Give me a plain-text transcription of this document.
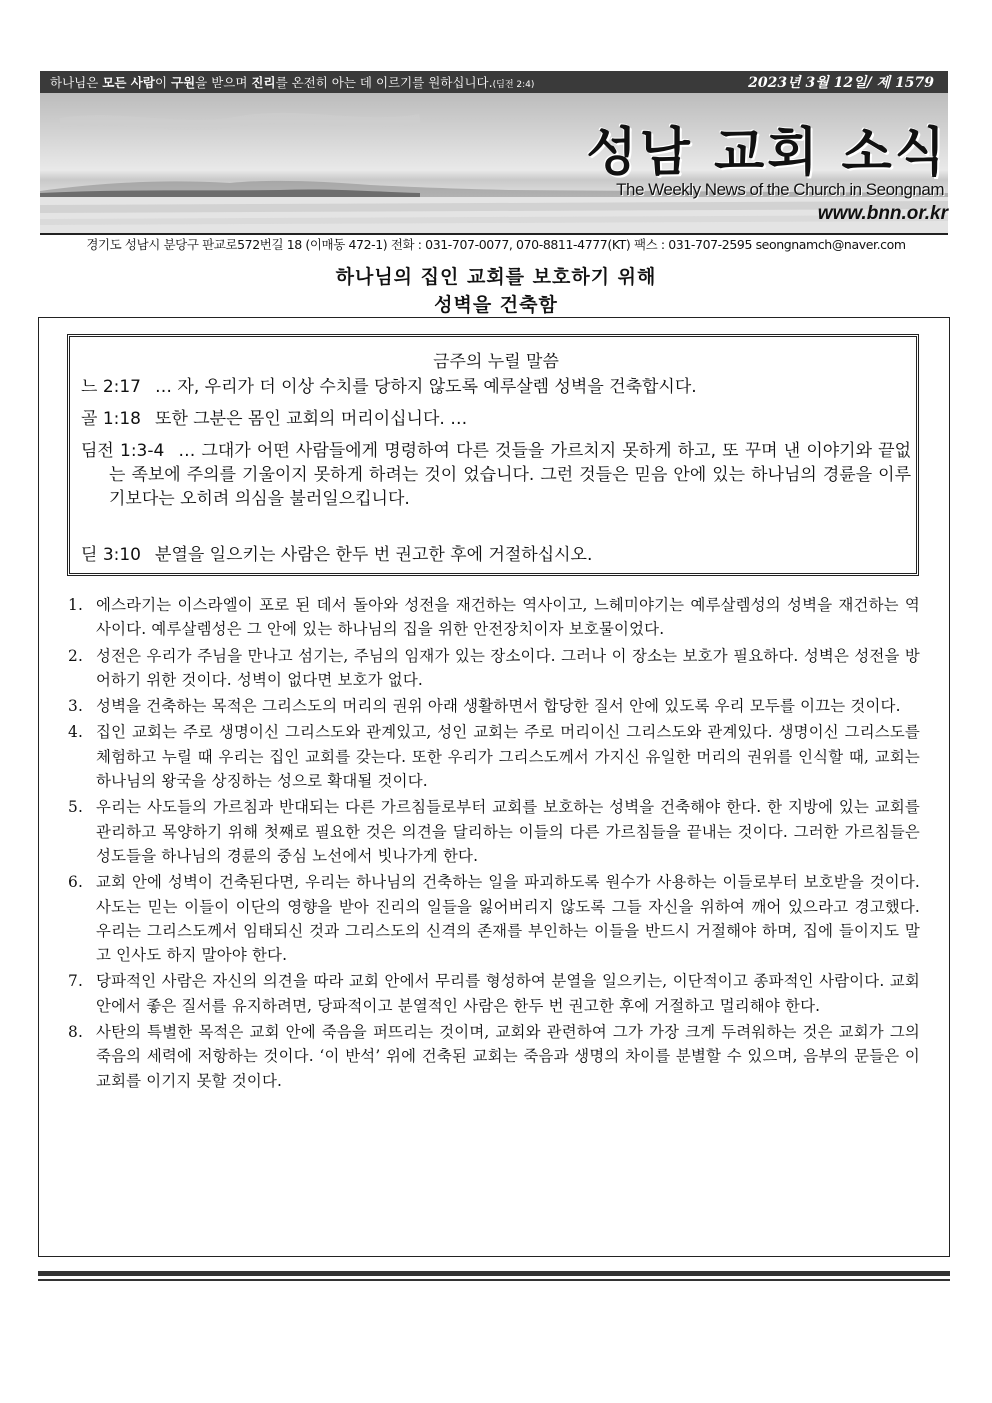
하나님은 모든 사람이 구원을 받으며 진리를 온전히 아는 데 이르기를 원하십니다.(딤전 2:4)	2023년 3월 12일/ 제 1579
성남 교회 소식
The Weekly News of the Church in Seongnam
www.bnn.or.kr
경기도 성남시 분당구 판교로572번길 18 (이매동 472-1) 전화 : 031-707-0077, 070-8811-4777(KT) 팩스 : 031-707-2595 seongnamch@naver.com
하나님의 집인 교회를 보호하기 위해
성벽을 건축함
금주의 누릴 말씀
느 2:17 … 자, 우리가 더 이상 수치를 당하지 않도록 예루살렘 성벽을 건축합시다.
골 1:18 또한 그분은 몸인 교회의 머리이십니다. …
딤전 1:3-4 … 그대가 어떤 사람들에게 명령하여 다른 것들을 가르치지 못하게 하고, 또 꾸며 낸 이야기와 끝없는 족보에 주의를 기울이지 못하게 하려는 것이 었습니다. 그런 것들은 믿음 안에 있는 하나님의 경륜을 이루기보다는 오히려 의심을 불러일으킵니다.
딛 3:10 분열을 일으키는 사람은 한두 번 권고한 후에 거절하십시오.
1. 에스라기는 이스라엘이 포로 된 데서 돌아와 성전을 재건하는 역사이고, 느헤미야기는 예루살렘성의 성벽을 재건하는 역사이다. 예루살렘성은 그 안에 있는 하나님의 집을 위한 안전장치이자 보호물이었다.
2. 성전은 우리가 주님을 만나고 섬기는, 주님의 임재가 있는 장소이다. 그러나 이 장소는 보호가 필요하다. 성벽은 성전을 방어하기 위한 것이다. 성벽이 없다면 보호가 없다.
3. 성벽을 건축하는 목적은 그리스도의 머리의 권위 아래 생활하면서 합당한 질서 안에 있도록 우리 모두를 이끄는 것이다.
4. 집인 교회는 주로 생명이신 그리스도와 관계있고, 성인 교회는 주로 머리이신 그리스도와 관계있다. 생명이신 그리스도를 체험하고 누릴 때 우리는 집인 교회를 갖는다. 또한 우리가 그리스도께서 가지신 유일한 머리의 권위를 인식할 때, 교회는 하나님의 왕국을 상징하는 성으로 확대될 것이다.
5. 우리는 사도들의 가르침과 반대되는 다른 가르침들로부터 교회를 보호하는 성벽을 건축해야 한다. 한 지방에 있는 교회를 관리하고 목양하기 위해 첫째로 필요한 것은 의견을 달리하는 이들의 다른 가르침들을 끝내는 것이다. 그러한 가르침들은 성도들을 하나님의 경륜의 중심 노선에서 빗나가게 한다.
6. 교회 안에 성벽이 건축된다면, 우리는 하나님의 건축하는 일을 파괴하도록 원수가 사용하는 이들로부터 보호받을 것이다. 사도는 믿는 이들이 이단의 영향을 받아 진리의 일들을 잃어버리지 않도록 그들 자신을 위하여 깨어 있으라고 경고했다. 우리는 그리스도께서 임태되신 것과 그리스도의 신격의 존재를 부인하는 이들을 반드시 거절해야 하며, 집에 들이지도 말고 인사도 하지 말아야 한다.
7. 당파적인 사람은 자신의 의견을 따라 교회 안에서 무리를 형성하여 분열을 일으키는, 이단적이고 종파적인 사람이다. 교회 안에서 좋은 질서를 유지하려면, 당파적이고 분열적인 사람은 한두 번 권고한 후에 거절하고 멀리해야 한다.
8. 사탄의 특별한 목적은 교회 안에 죽음을 퍼뜨리는 것이며, 교회와 관련하여 그가 가장 크게 두려워하는 것은 교회가 그의 죽음의 세력에 저항하는 것이다. ‘이 반석’ 위에 건축된 교회는 죽음과 생명의 차이를 분별할 수 있으며, 음부의 문들은 이 교회를 이기지 못할 것이다.
